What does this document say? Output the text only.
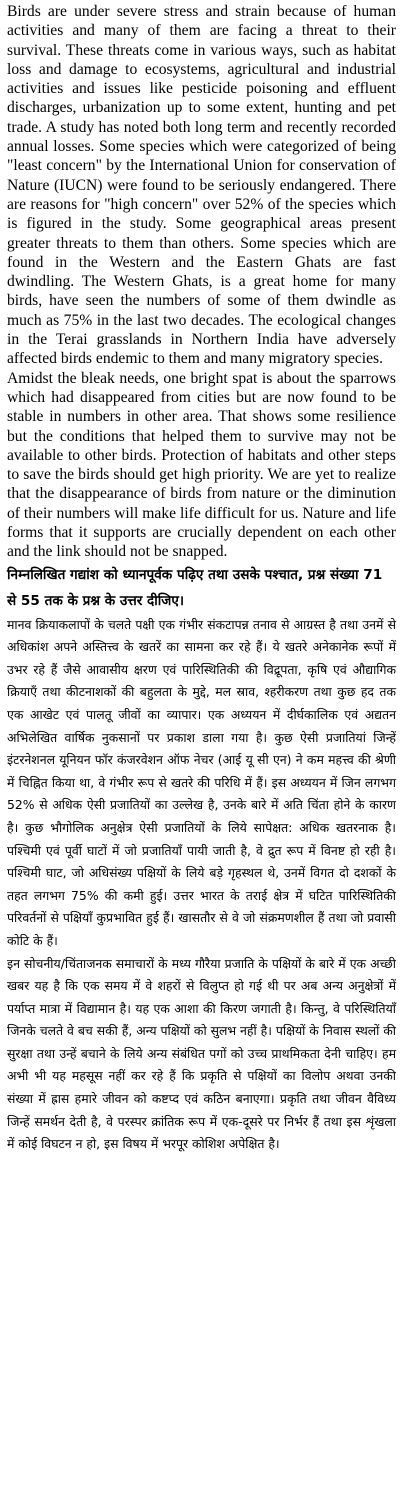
Birds are under severe stress and strain because of human activities and many of them are facing a threat to their survival. These threats come in various ways, such as habitat loss and damage to ecosystems, agricultural and industrial activities and issues like pesticide poisoning and effluent discharges, urbanization up to some extent, hunting and pet trade. A study has noted both long term and recently recorded annual losses. Some species which were categorized of being "least concern" by the International Union for conservation of Nature (IUCN) were found to be seriously endangered. There are reasons for "high concern" over 52% of the species which is figured in the study. Some geographical areas present greater threats to them than others. Some species which are found in the Western and the Eastern Ghats are fast dwindling. The Western Ghats, is a great home for many birds, have seen the numbers of some of them dwindle as much as 75% in the last two decades. The ecological changes in the Terai grasslands in Northern India have adversely affected birds endemic to them and many migratory species.

Amidst the bleak needs, one bright spat is about the sparrows which had disappeared from cities but are now found to be stable in numbers in other area. That shows some resilience but the conditions that helped them to survive may not be available to other birds. Protection of habitats and other steps to save the birds should get high priority. We are yet to realize that the disappearance of birds from nature or the diminution of their numbers will make life difficult for us. Nature and life forms that it supports are crucially dependent on each other and the link should not be snapped.

निम्नलिखित गद्यांश को ध्यानपूर्वक पढ़िए तथा उसके पश्चात, प्रश्न संख्या 71 से 55 तक के प्रश्न के उत्तर दीजिए।

मानव क्रियाकलापों के चलते पक्षी एक गंभीर संकटापन्न तनाव से आग्रस्त है तथा उनमें से अधिकांश अपने अस्तित्त्व के खतरें का सामना कर रहे हैं। ये खतरे अनेकानेक रूपों में उभर रहे हैं जैसे आवासीय क्षरण एवं पारिस्थितिकी की विद्रूपता, कृषि एवं औद्यागिक क्रियाएँ तथा कीटनाशकों की बहुलता के मुद्दे, मल स्राव, श्हरीकरण तथा कुछ हद तक एक आखेट एवं पालतू जीवों का व्यापार। एक अध्ययन में दीर्घकालिक एवं अद्यतन अभिलेखित वार्षिक नुकसानों पर प्रकाश डाला गया है। कुछ ऐसी प्रजातियां जिन्हें इंटरनेशनल यूनियन फॉर कंजरवेशन ऑफ नेचर (आई यू सी एन) ने कम महत्त्व की श्रेणी में चिह्नित किया था, वे गंभीर रूप से खतरे की परिधि में हैं। इस अध्ययन में जिन लगभग 52% से अधिक ऐसी प्रजातियों का उल्लेख है, उनके बारे में अति चिंता होने के कारण है। कुछ भौगोलिक अनुक्षेत्र ऐसी प्रजातियों के लिये सापेक्षत: अधिक खतरनाक है। पश्चिमी एवं पूर्वी घाटों में जो प्रजातियाँ पायी जाती है, वे द्रुत रूप में विनष्ट हो रही है। पश्चिमी घाट, जो अधिसंख्य पक्षियों के लिये बड़े गृहस्थल थे, उनमें विगत दो दशकों के तहत लगभग 75% की कमी हुई। उत्तर भारत के तराई क्षेत्र में घटित पारिस्थितिकी परिवर्तनों से पक्षियाँ कुप्रभावित हुई हैं। खासतौर से वे जो संक्रमणशील हैं तथा जो प्रवासी कोटि के हैं।

इन सोचनीय/चिंताजनक समाचारों के मध्य गौरैया प्रजाति के पक्षियों के बारे में एक अच्छी खबर यह है कि एक समय में वे शहरों से विलुप्त हो गई थी पर अब अन्य अनुक्षेत्रों में पर्याप्त मात्रा में विद्यामान है। यह एक आशा की किरण जगाती है। किन्तु, वे परिस्थितियाँ जिनके चलते वे बच सकी हैं, अन्य पक्षियों को सुलभ नहीं है। पक्षियों के निवास स्थलों की सुरक्षा तथा उन्हें बचाने के लिये अन्य संबंधित पगों को उच्च प्राथमिकता देनी चाहिए। हम अभी भी यह महसूस नहीं कर रहे हैं कि प्रकृति से पक्षियों का विलोप अथवा उनकी संख्या में ह्रास हमारे जीवन को कष्टप्द एवं कठिन बनाएगा। प्रकृति तथा जीवन वैविध्य जिन्हें समर्थन देती है, वे परस्पर क्रांतिक रूप में एक-दूसरे पर निर्भर हैं तथा इस शृंखला में कोई विघटन न हो, इस विषय में भरपूर कोशिश अपेक्षित है।
